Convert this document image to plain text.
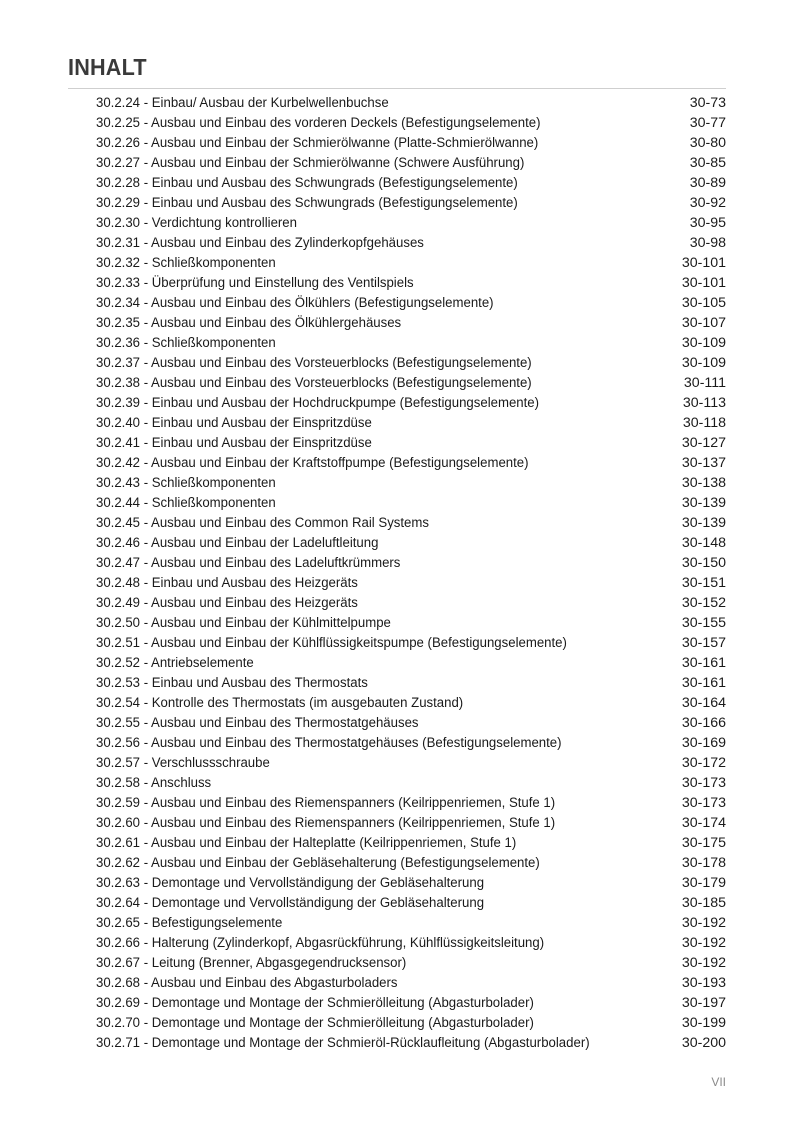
INHALT
30.2.24 - Einbau/ Ausbau der Kurbelwellenbuchse	30-73
30.2.25 - Ausbau und Einbau des vorderen Deckels (Befestigungselemente)	30-77
30.2.26 - Ausbau und Einbau der Schmierölwanne (Platte-Schmierölwanne)	30-80
30.2.27 - Ausbau und Einbau der Schmierölwanne (Schwere Ausführung)	30-85
30.2.28 - Einbau und Ausbau des Schwungrads (Befestigungselemente)	30-89
30.2.29 - Einbau und Ausbau des Schwungrads (Befestigungselemente)	30-92
30.2.30 - Verdichtung kontrollieren	30-95
30.2.31 - Ausbau und Einbau des Zylinderkopfgehäuses	30-98
30.2.32 - Schließkomponenten	30-101
30.2.33 - Überprüfung und Einstellung des Ventilspiels	30-101
30.2.34 - Ausbau und Einbau des Ölkühlers (Befestigungselemente)	30-105
30.2.35 - Ausbau und Einbau des Ölkühlergehäuses	30-107
30.2.36 - Schließkomponenten	30-109
30.2.37 - Ausbau und Einbau des Vorsteuerblocks (Befestigungselemente)	30-109
30.2.38 - Ausbau und Einbau des Vorsteuerblocks (Befestigungselemente)	30-111
30.2.39 - Einbau und Ausbau der Hochdruckpumpe (Befestigungselemente)	30-113
30.2.40 - Einbau und Ausbau der Einspritzdüse	30-118
30.2.41 - Einbau und Ausbau der Einspritzdüse	30-127
30.2.42 - Ausbau und Einbau der Kraftstoffpumpe (Befestigungselemente)	30-137
30.2.43 - Schließkomponenten	30-138
30.2.44 - Schließkomponenten	30-139
30.2.45 - Ausbau und Einbau des Common Rail Systems	30-139
30.2.46 - Ausbau und Einbau der Ladeluftleitung	30-148
30.2.47 - Ausbau und Einbau des Ladeluftkrümmers	30-150
30.2.48 - Einbau und Ausbau des Heizgeräts	30-151
30.2.49 - Ausbau und Einbau des Heizgeräts	30-152
30.2.50 - Ausbau und Einbau der Kühlmittelpumpe	30-155
30.2.51 - Ausbau und Einbau der Kühlflüssigkeitspumpe (Befestigungselemente)	30-157
30.2.52 - Antriebselemente	30-161
30.2.53 - Einbau und Ausbau des Thermostats	30-161
30.2.54 - Kontrolle des Thermostats (im ausgebauten Zustand)	30-164
30.2.55 - Ausbau und Einbau des Thermostatgehäuses	30-166
30.2.56 - Ausbau und Einbau des Thermostatgehäuses (Befestigungselemente)	30-169
30.2.57 - Verschlussschraube	30-172
30.2.58 - Anschluss	30-173
30.2.59 - Ausbau und Einbau des Riemenspanners (Keilrippenriemen, Stufe 1)	30-173
30.2.60 - Ausbau und Einbau des Riemenspanners (Keilrippenriemen, Stufe 1)	30-174
30.2.61 - Ausbau und Einbau der Halteplatte (Keilrippenriemen, Stufe 1)	30-175
30.2.62 - Ausbau und Einbau der Gebläsehalterung (Befestigungselemente)	30-178
30.2.63 - Demontage und Vervollständigung der Gebläsehalterung	30-179
30.2.64 - Demontage und Vervollständigung der Gebläsehalterung	30-185
30.2.65 - Befestigungselemente	30-192
30.2.66 - Halterung (Zylinderkopf, Abgasrückführung, Kühlflüssigkeitsleitung)	30-192
30.2.67 - Leitung (Brenner, Abgasgegendrucksensor)	30-192
30.2.68 - Ausbau und Einbau des Abgasturboladers	30-193
30.2.69 - Demontage und Montage der Schmierölleitung (Abgasturbolader)	30-197
30.2.70 - Demontage und Montage der Schmierölleitung (Abgasturbolader)	30-199
30.2.71 - Demontage und Montage der Schmieröl-Rücklaufleitung (Abgasturbolader)	30-200
VII
